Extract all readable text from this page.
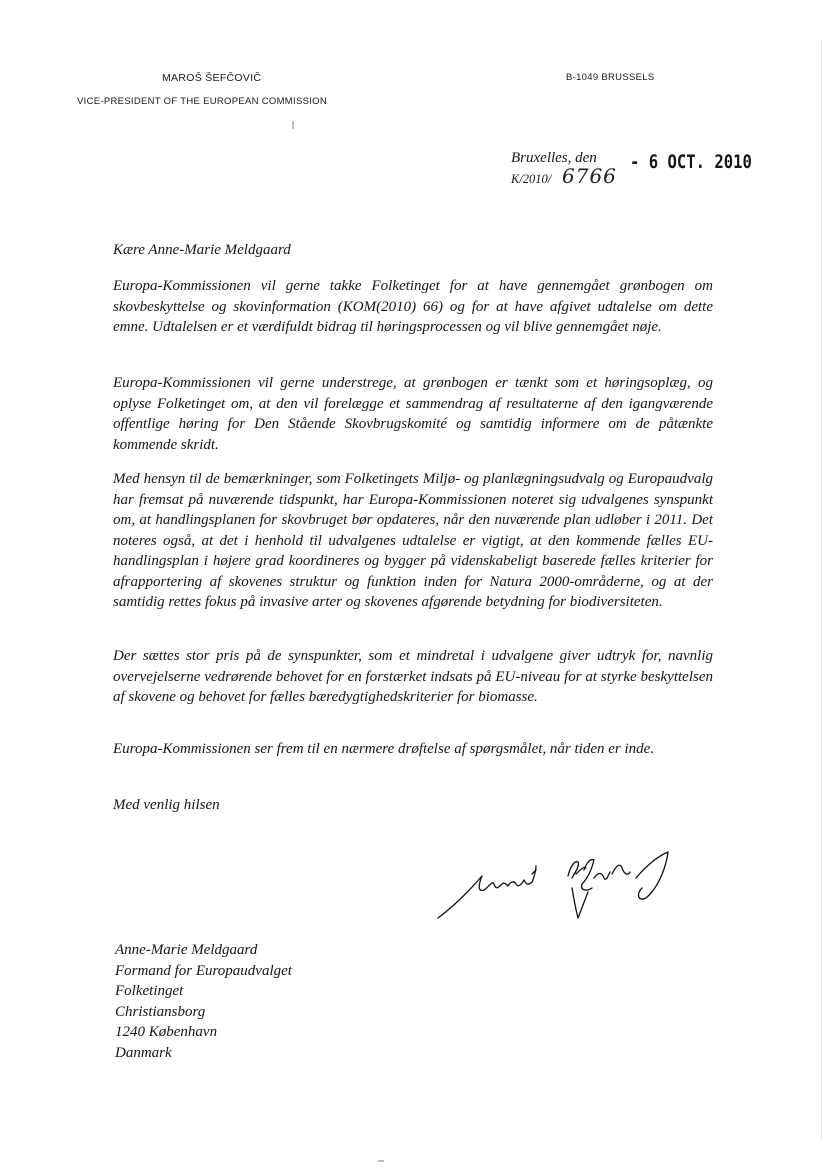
MAROŠ ŠEFČOVIČ
VICE-PRESIDENT OF THE EUROPEAN COMMISSION
B-1049 BRUSSELS
Bruxelles, den - 6 OCT. 2010
K/2010/ 6766
Kære Anne-Marie Meldgaard
Europa-Kommissionen vil gerne takke Folketinget for at have gennemgået grønbogen om skovbeskyttelse og skovinformation (KOM(2010) 66) og for at have afgivet udtalelse om dette emne. Udtalelsen er et værdifuldt bidrag til høringsprocessen og vil blive gennemgået nøje.
Europa-Kommissionen vil gerne understrege, at grønbogen er tænkt som et høringsoplæg, og oplyse Folketinget om, at den vil forelægge et sammendrag af resultaterne af den igangværende offentlige høring for Den Stående Skovbrugskomité og samtidig informere om de påtænkte kommende skridt.
Med hensyn til de bemærkninger, som Folketingets Miljø- og planlægningsudvalg og Europaudvalg har fremsat på nuværende tidspunkt, har Europa-Kommissionen noteret sig udvalgenes synspunkt om, at handlingsplanen for skovbruget bør opdateres, når den nuværende plan udløber i 2011. Det noteres også, at det i henhold til udvalgenes udtalelse er vigtigt, at den kommende fælles EU-handlingsplan i højere grad koordineres og bygger på videnskabeligt baserede fælles kriterier for afrapportering af skovenes struktur og funktion inden for Natura 2000-områderne, og at der samtidig rettes fokus på invasive arter og skovenes afgørende betydning for biodiversiteten.
Der sættes stor pris på de synspunkter, som et mindretal i udvalgene giver udtryk for, navnlig overvejelserne vedrørende behovet for en forstærket indsats på EU-niveau for at styrke beskyttelsen af skovene og behovet for fælles bæredygtighedskriterier for biomasse.
Europa-Kommissionen ser frem til en nærmere drøftelse af spørgsmålet, når tiden er inde.
Med venlig hilsen
Anne-Marie Meldgaard
Formand for Europaudvalget
Folketinget
Christiansborg
1240 København
Danmark
